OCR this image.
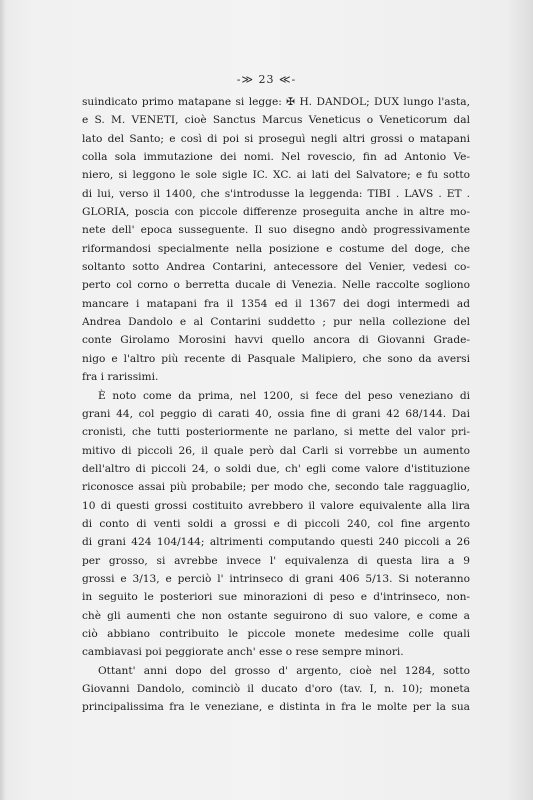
-≫ 23 ≪-
suindicato primo matapane si legge: ✠ H. DANDOL; DUX lungo l'asta,
e S. M. VENETI, cioè Sanctus Marcus Veneticus o Veneticorum dal
lato del Santo; e così di poi si proseguì negli altri grossi o matapani
colla sola immutazione dei nomi. Nel rovescio, fin ad Antonio Ve-
niero, si leggono le sole sigle IC. XC. ai lati del Salvatore; e fu sotto
di lui, verso il 1400, che s'introdusse la leggenda: TIBI . LAVS . ET .
GLORIA, poscia con piccole differenze proseguita anche in altre mo-
nete dell' epoca susseguente. Il suo disegno andò progressivamente
riformandosi specialmente nella posizione e costume del doge, che
soltanto sotto Andrea Contarini, antecessore del Venier, vedesi co-
perto col corno o berretta ducale di Venezia. Nelle raccolte sogliono
mancare i matapani fra il 1354 ed il 1367 dei dogi intermedi ad
Andrea Dandolo e al Contarini suddetto ; pur nella collezione del
conte Girolamo Morosini havvi quello ancora di Giovanni Grade-
nigo e l'altro più recente di Pasquale Malipiero, che sono da aversi
fra i rarissimi.
È noto come da prima, nel 1200, si fece del peso veneziano di
grani 44, col peggio di carati 40, ossia fine di grani 42 68/144. Dai
cronisti, che tutti posteriormente ne parlano, si mette del valor pri-
mitivo di piccoli 26, il quale però dal Carli si vorrebbe un aumento
dell'altro di piccoli 24, o soldi due, ch' egli come valore d'istituzione
riconosce assai più probabile; per modo che, secondo tale ragguaglio,
10 di questi grossi costituito avrebbero il valore equivalente alla lira
di conto di venti soldi a grossi e di piccoli 240, col fine argento
di grani 424 104/144; altrimenti computando questi 240 piccoli a 26
per grosso, si avrebbe invece l' equivalenza di questa lira a 9
grossi e 3/13, e perciò l' intrinseco di grani 406 5/13. Si noteranno
in seguito le posteriori sue minorazioni di peso e d'intrinseco, non-
chè gli aumenti che non ostante seguirono di suo valore, e come a
ciò abbiano contribuito le piccole monete medesime colle quali
cambiavasi poi peggiorate anch' esse o rese sempre minori.
Ottant' anni dopo del grosso d' argento, cioè nel 1284, sotto
Giovanni Dandolo, cominciò il ducato d'oro (tav. I, n. 10); moneta
principalissima fra le veneziane, e distinta in fra le molte per la sua
